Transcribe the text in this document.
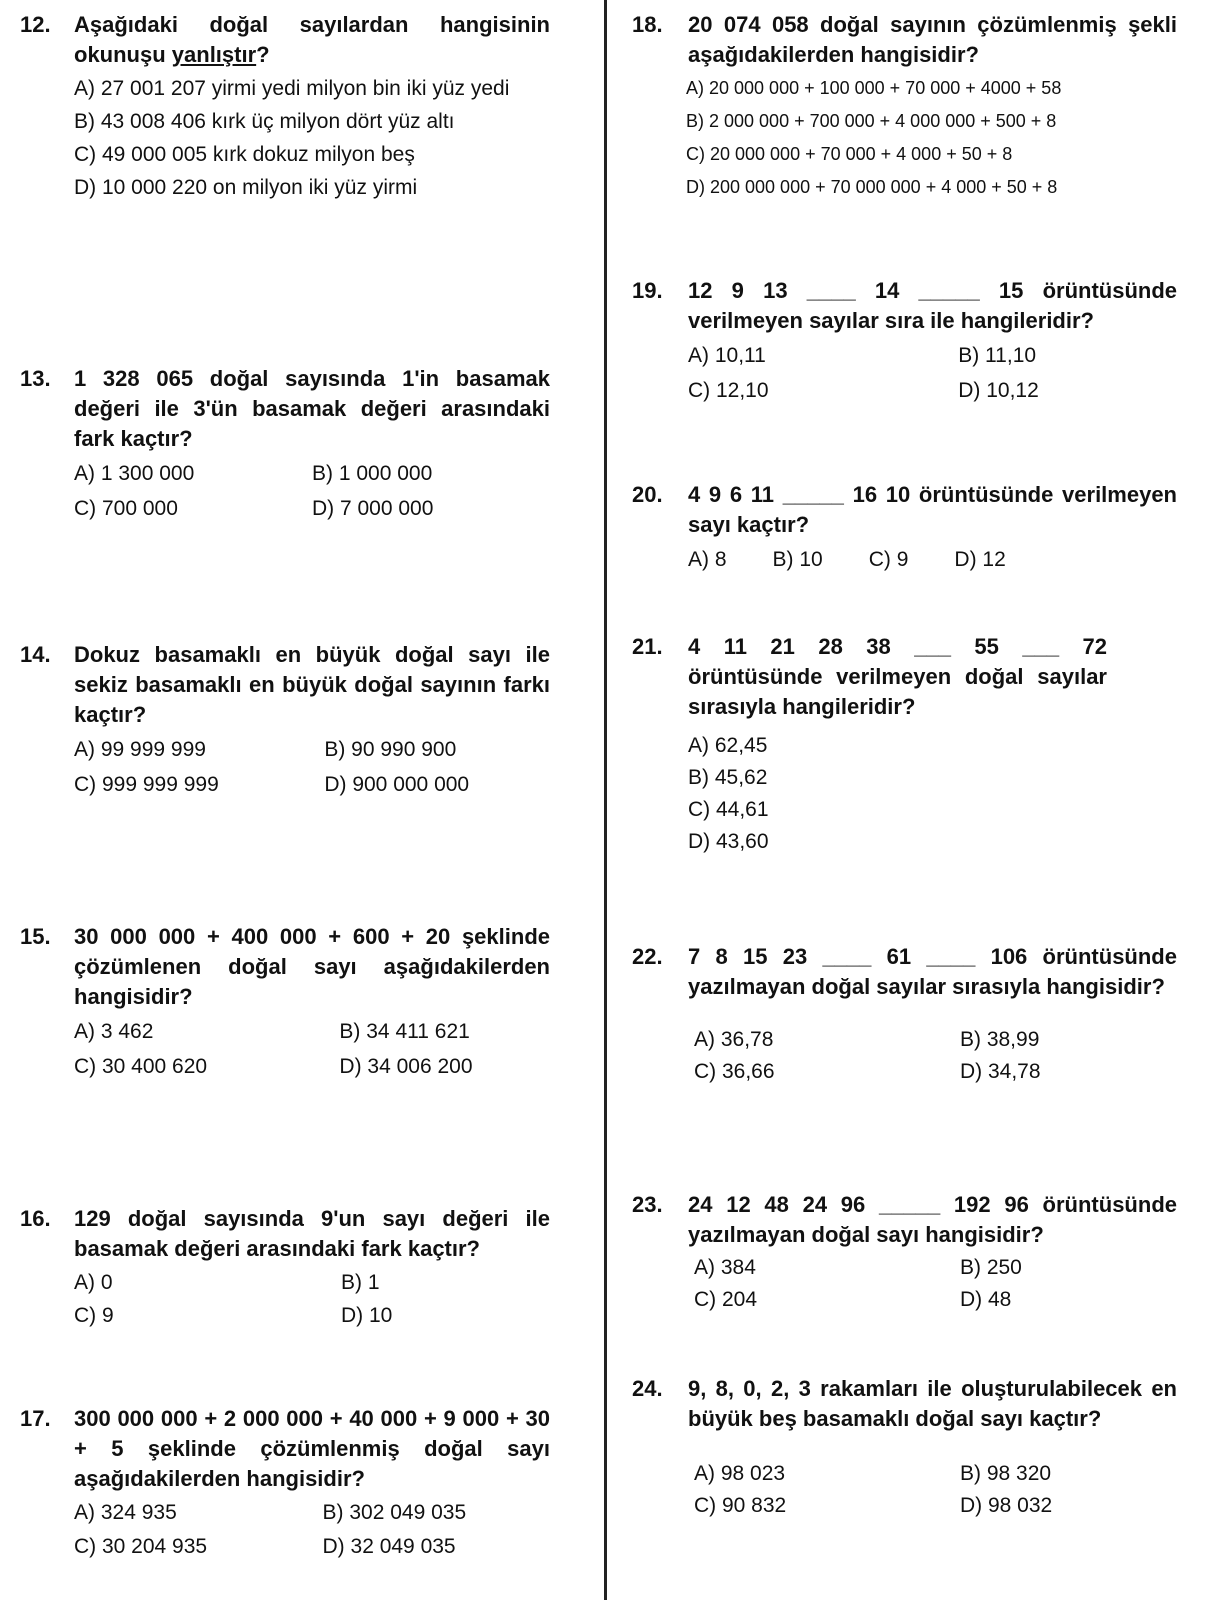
12.	Aşağıdaki doğal sayılardan hangisinin okunuşu yanlıştır?
A) 27 001 207 yirmi yedi milyon bin iki yüz yedi
B) 43 008 406 kırk üç milyon dört yüz altı
C) 49 000 005 kırk dokuz milyon beş
D) 10 000 220 on milyon iki yüz yirmi
13.	1 328 065 doğal sayısında 1'in basamak değeri ile 3'ün basamak değeri arasındaki fark kaçtır?
A) 1 300 000	B) 1 000 000
C) 700 000	D) 7 000 000
14.	Dokuz basamaklı en büyük doğal sayı ile sekiz basamaklı en büyük doğal sayının farkı kaçtır?
A) 99 999 999	B) 90 990 900
C) 999 999 999	D) 900 000 000
15.	30 000 000 + 400 000 + 600 + 20 şeklinde çözümlenen doğal sayı aşağıdakilerden hangisidir?
A) 3 462	B) 34 411 621
C) 30 400 620	D) 34 006 200
16.	129 doğal sayısında 9'un sayı değeri ile basamak değeri arasındaki fark kaçtır?
A) 0	B) 1
C) 9	D) 10
17.	300 000 000 + 2 000 000 + 40 000 + 9 000 + 30 + 5 şeklinde çözümlenmiş doğal sayı aşağıdakilerden hangisidir?
A) 324 935	B) 302 049 035
C) 30 204 935	D) 32 049 035
18.	20 074 058 doğal sayının çözümlenmiş şekli aşağıdakilerden hangisidir?
A) 20 000 000 + 100 000 + 70 000 + 4000 + 58
B) 2 000 000 + 700 000 + 4 000 000 + 500 + 8
C) 20 000 000 + 70 000 + 4 000 + 50 + 8
D) 200 000 000 + 70 000 000 + 4 000 + 50 + 8
19.	12 9 13 ____ 14 _____ 15 örüntüsünde verilmeyen sayılar sıra ile hangileridir?
A) 10,11	B) 11,10
C) 12,10	D) 10,12
20.	4 9 6 11 _____ 16 10 örüntüsünde verilmeyen sayı kaçtır?
A) 8 B) 10 C) 9 D) 12
21.	4 11 21 28 38 ___ 55 ___ 72 örüntüsünde verilmeyen doğal sayılar sırasıyla hangileridir?
A) 62,45
B) 45,62
C) 44,61
D) 43,60
22.	7 8 15 23 ____ 61 ____ 106 örüntüsünde yazılmayan doğal sayılar sırasıyla hangisidir?
A) 36,78	B) 38,99
C) 36,66	D) 34,78
23.	24 12 48 24 96 _____ 192 96 örüntüsünde yazılmayan doğal sayı hangisidir?
A) 384	B) 250
C) 204	D) 48
24.	9, 8, 0, 2, 3 rakamları ile oluşturulabilecek en büyük beş basamaklı doğal sayı kaçtır?
A) 98 023	B) 98 320
C) 90 832	D) 98 032
